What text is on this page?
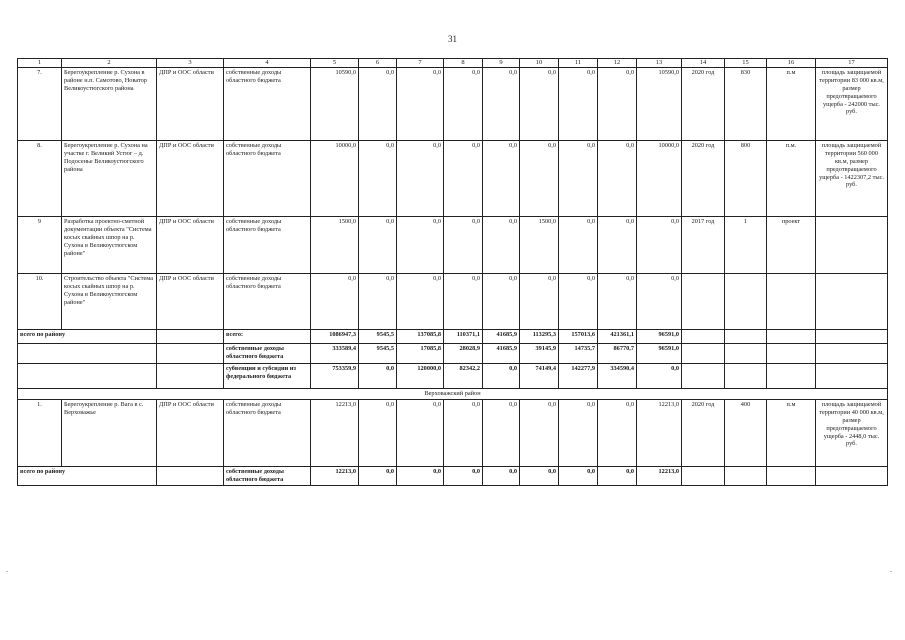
31
1	2	3	4	5	6	7	8	9	10	11	12	13	14	15	16	17
7.	Берегоукрепление р. Сухона в районе н.п. Самотово, Новатор Великоустюгского района	ДПР и ООС области	собственные доходы областного бюджета	10590,0	0,0	0,0	0,0	0,0	0,0	0,0	0,0	10590,0	2020 год	830	п.м	площадь защищаемой территории 83 000 кв.м, размер предотвращаемого ущерба - 242000 тыс. руб.
8.	Берегоукрепление р. Сухона на участке г. Великий Устюг – д. Подосенье Великоустюгского района	ДПР и ООС области	собственные доходы областного бюджета	10000,0	0,0	0,0	0,0	0,0	0,0	0,0	0,0	10000,0	2020 год	800	п.м.	площадь защищаемой территории 560 000 кв.м, размер предотвращаемого ущерба - 1422307,2 тыс. руб.
9	Разработка проектно-сметной документации объекта "Система косых скайных шпор на р. Сухона в Великоустюгском районе"	ДПР и ООС области	собственные доходы областного бюджета	1500,0	0,0	0,0	0,0	0,0	1500,0	0,0	0,0	0,0	2017 год	1	проект	
10.	Строительство объекта "Система косых скайных шпор на р. Сухона в Великоустюгском районе"	ДПР и ООС области	собственные доходы областного бюджета	0,0	0,0	0,0	0,0	0,0	0,0	0,0	0,0	0,0				
всего по району			всего:	1086947,3	9545,5	137085,8	110371,1	41685,9	113295,3	157013,6	421361,1	96591,0				
			собственные доходы областного бюджета	333589,4	9545,5	17085,8	28028,9	41685,9	39145,9	14735,7	86770,7	96591,0				
			субвенции и субсидии из федерального бюджета	753359,9	0,0	120000,0	82342,2	0,0	74149,4	142277,9	334590,4	0,0				
Верховажский район																
1.	Берегоукрепление р. Вага в с. Верховажье	ДПР и ООС области	собственные доходы областного бюджета	12213,0	0,0	0,0	0,0	0,0	0,0	0,0	0,0	12213,0	2020 год	400	п.м	площадь защищаемой территории 40 000 кв.м, размер предотвращаемого ущерба - 2448,0 тыс. руб.
всего по району			собственные доходы областного бюджета	12213,0	0,0	0,0	0,0	0,0	0,0	0,0	0,0	12213,0				
-	-
